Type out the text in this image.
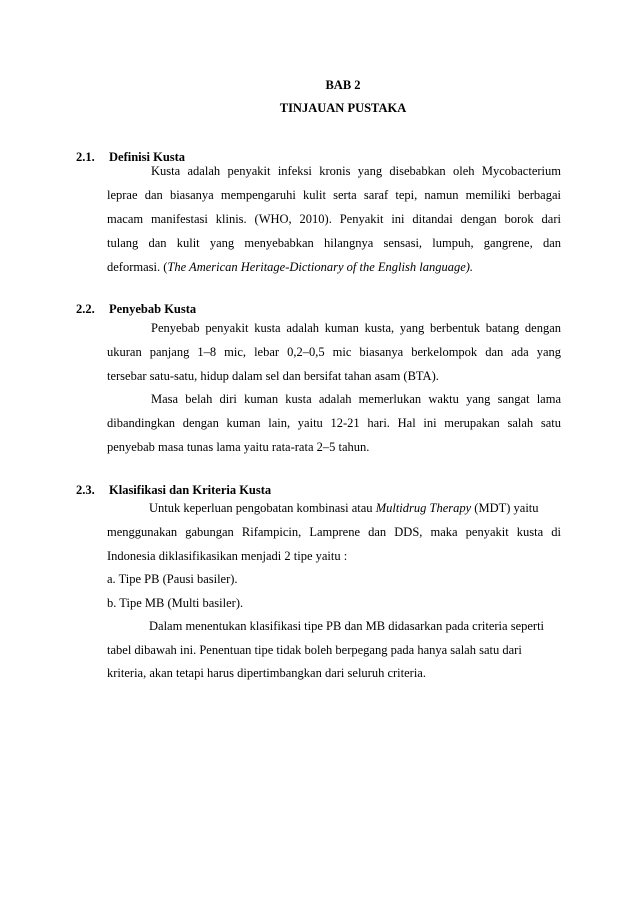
BAB 2
TINJAUAN PUSTAKA
2.1. Definisi Kusta
Kusta adalah penyakit infeksi kronis yang disebabkan oleh Mycobacterium
leprae dan biasanya mempengaruhi kulit serta saraf tepi, namun memiliki berbagai
macam manifestasi klinis. (WHO, 2010). Penyakit ini ditandai dengan borok dari
tulang dan kulit yang menyebabkan hilangnya sensasi, lumpuh, gangrene, dan
deformasi. (The American Heritage-Dictionary of the English language).
2.2. Penyebab Kusta
Penyebab penyakit kusta adalah kuman kusta, yang berbentuk batang dengan
ukuran panjang 1–8 mic, lebar 0,2–0,5 mic biasanya berkelompok dan ada yang
tersebar satu-satu, hidup dalam sel dan bersifat tahan asam (BTA).
Masa belah diri kuman kusta adalah memerlukan waktu yang sangat lama
dibandingkan dengan kuman lain, yaitu 12-21 hari. Hal ini merupakan salah satu
penyebab masa tunas lama yaitu rata-rata 2–5 tahun.
2.3. Klasifikasi dan Kriteria Kusta
Untuk keperluan pengobatan kombinasi atau Multidrug Therapy (MDT) yaitu
menggunakan gabungan Rifampicin, Lamprene dan DDS, maka penyakit kusta di
Indonesia diklasifikasikan menjadi 2 tipe yaitu :
a. Tipe PB (Pausi basiler).
b. Tipe MB (Multi basiler).
Dalam menentukan klasifikasi tipe PB dan MB didasarkan pada criteria seperti
tabel dibawah ini. Penentuan tipe tidak boleh berpegang pada hanya salah satu dari
kriteria, akan tetapi harus dipertimbangkan dari seluruh criteria.
